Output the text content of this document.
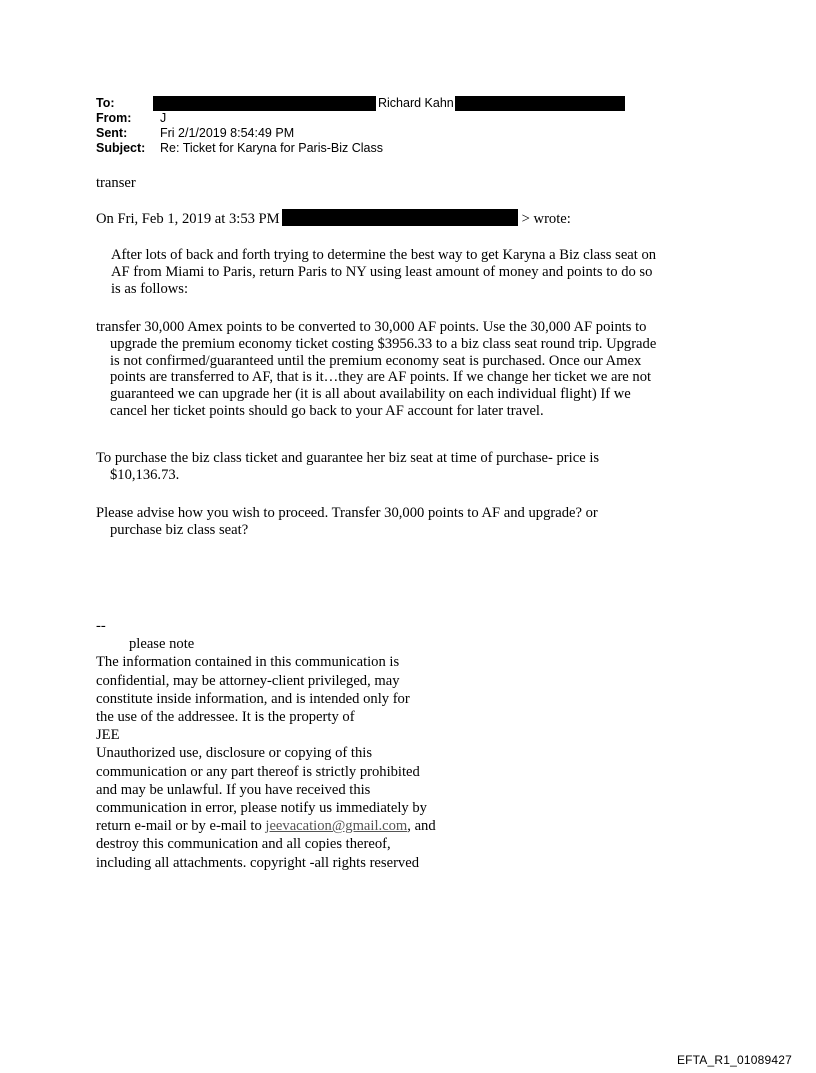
To:	Richard Kahn
From: J
Sent:	Fri 2/1/2019 8:54:49 PM
Subject: Re: Ticket for Karyna for Paris-Biz Class
transer
On Fri, Feb 1, 2019 at 3:53 PM	> wrote:
After lots of back and forth trying to determine the best way to get Karyna a Biz class seat on
AF from Miami to Paris, return Paris to NY using least amount of money and points to do so
is as follows:
transfer 30,000 Amex points to be converted to 30,000 AF points. Use the 30,000 AF points to
upgrade the premium economy ticket costing $3956.33 to a biz class seat round trip. Upgrade
is not confirmed/guaranteed until the premium economy seat is purchased. Once our Amex
points are transferred to AF, that is it…they are AF points. If we change her ticket we are not
guaranteed we can upgrade her (it is all about availability on each individual flight) If we
cancel her ticket points should go back to your AF account for later travel.
To purchase the biz class ticket and guarantee her biz seat at time of purchase- price is
$10,136.73.
Please advise how you wish to proceed. Transfer 30,000 points to AF and upgrade? or
purchase biz class seat?
--
please note
The information contained in this communication is
confidential, may be attorney-client privileged, may
constitute inside information, and is intended only for
the use of the addressee. It is the property of
JEE
Unauthorized use, disclosure or copying of this
communication or any part thereof is strictly prohibited
and may be unlawful. If you have received this
communication in error, please notify us immediately by
return e-mail or by e-mail to jeevacation@gmail.com, and
destroy this communication and all copies thereof,
including all attachments. copyright -all rights reserved
EFTA_R1_01089427
